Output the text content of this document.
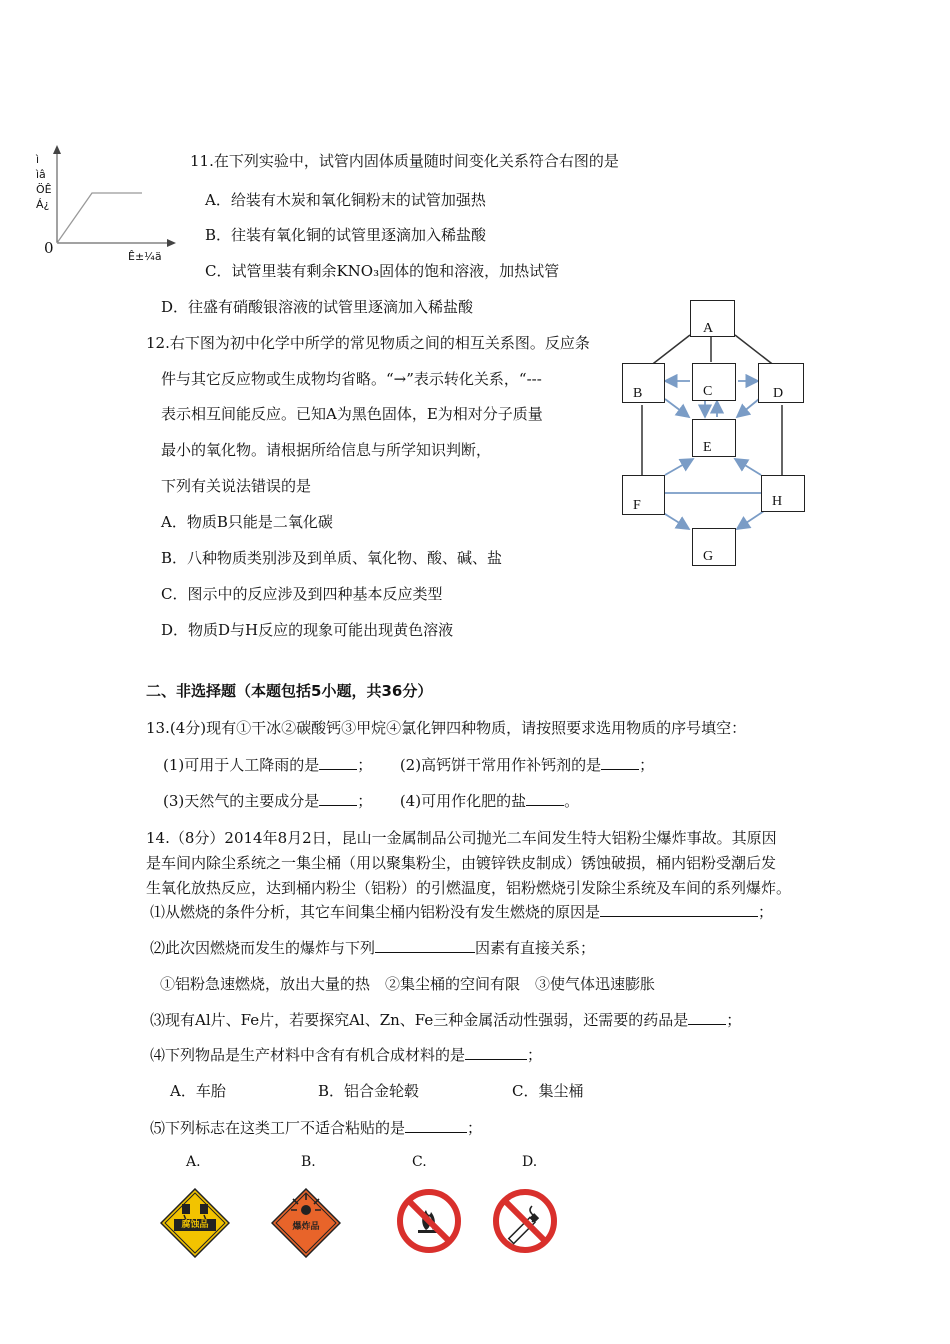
ì
ìâ
ÖÊ
Á¿
0	Ê±¼ä
11.在下列实验中，试管内固体质量随时间变化关系符合右图的是
A．给装有木炭和氧化铜粉末的试管加强热
B．往装有氧化铜的试管里逐滴加入稀盐酸
C．试管里装有剩余KNO₃固体的饱和溶液，加热试管
D．往盛有硝酸银溶液的试管里逐滴加入稀盐酸
12.右下图为初中化学中所学的常见物质之间的相互关系图。反应条
件与其它反应物或生成物均省略。“→”表示转化关系，“---
表示相互间能反应。已知A为黑色固体，E为相对分子质量
最小的氧化物。请根据所给信息与所学知识判断，
下列有关说法错误的是
A．物质B只能是二氧化碳
B．八种物质类别涉及到单质、氧化物、酸、碱、盐
C．图示中的反应涉及到四种基本反应类型
D．物质D与H反应的现象可能出现黄色溶液
A
B	C	D
E
F	H
G
二、非选择题（本题包括5小题，共36分）
13.(4分)现有①干冰②碳酸钙③甲烷④氯化钾四种物质，请按照要求选用物质的序号填空：
(1)可用于人工降雨的是	； (2)高钙饼干常用作补钙剂的是	；
(3)天然气的主要成分是	； (4)可用作化肥的盐	。
14.（8分）2014年8月2日，昆山一金属制品公司抛光二车间发生特大铝粉尘爆炸事故。其原因
是车间内除尘系统之一集尘桶（用以聚集粉尘，由镀锌铁皮制成）锈蚀破损，桶内铝粉受潮后发
生氧化放热反应，达到桶内粉尘（铝粉）的引燃温度，铝粉燃烧引发除尘系统及车间的系列爆炸。
⑴从燃烧的条件分析，其它车间集尘桶内铝粉没有发生燃烧的原因是	；
⑵此次因燃烧而发生的爆炸与下列	因素有直接关系；
①铝粉急速燃烧，放出大量的热　②集尘桶的空间有限　③使气体迅速膨胀
⑶现有Al片、Fe片，若要探究Al、Zn、Fe三种金属活动性强弱，还需要的药品是	；
⑷下列物品是生产材料中含有有机合成材料的是	；
A．车胎	B．铝合金轮毂	C．集尘桶
⑸下列标志在这类工厂不适合粘贴的是	；
A.	B.	C.	D.
腐蚀品	爆炸品
